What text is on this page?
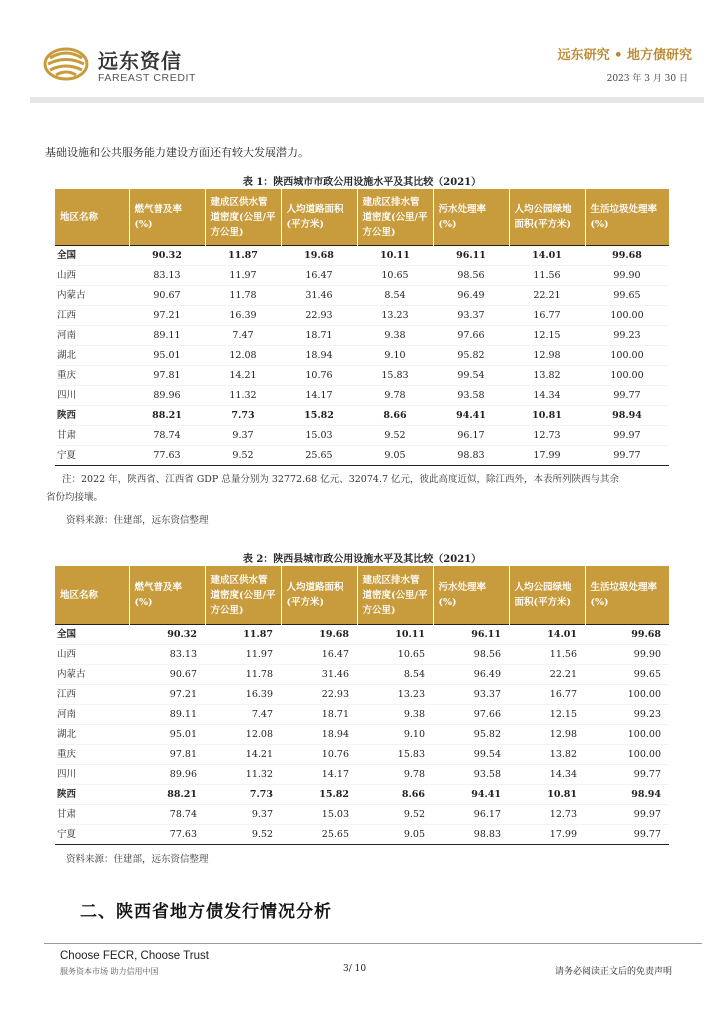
远东资信
FAREAST CREDIT
远东研究 • 地方债研究
2023 年 3 月 30 日
基础设施和公共服务能力建设方面还有较大发展潜力。
表 1：陕西城市市政公用设施水平及其比较（2021）
地区名称	燃气普及率(%)	建成区供水管道密度(公里/平方公里)	人均道路面积(平方米)	建成区排水管道密度(公里/平方公里)	污水处理率(%)	人均公园绿地面积(平方米)	生活垃圾处理率(%)
全国	90.32	11.87	19.68	10.11	96.11	14.01	99.68
山西	83.13	11.97	16.47	10.65	98.56	11.56	99.90
内蒙古	90.67	11.78	31.46	8.54	96.49	22.21	99.65
江西	97.21	16.39	22.93	13.23	93.37	16.77	100.00
河南	89.11	7.47	18.71	9.38	97.66	12.15	99.23
湖北	95.01	12.08	18.94	9.10	95.82	12.98	100.00
重庆	97.81	14.21	10.76	15.83	99.54	13.82	100.00
四川	89.96	11.32	14.17	9.78	93.58	14.34	99.77
陕西	88.21	7.73	15.82	8.66	94.41	10.81	98.94
甘肃	78.74	9.37	15.03	9.52	96.17	12.73	99.97
宁夏	77.63	9.52	25.65	9.05	98.83	17.99	99.77
注：2022 年，陕西省、江西省 GDP 总量分别为 32772.68 亿元、32074.7 亿元，彼此高度近似，除江西外，本表所列陕西与其余
省份均接壤。
资料来源：住建部，远东资信整理
表 2：陕西县城市政公用设施水平及其比较（2021）
地区名称	燃气普及率(%)	建成区供水管道密度(公里/平方公里)	人均道路面积(平方米)	建成区排水管道密度(公里/平方公里)	污水处理率(%)	人均公园绿地面积(平方米)	生活垃圾处理率(%)
全国	90.32	11.87	19.68	10.11	96.11	14.01	99.68
山西	83.13	11.97	16.47	10.65	98.56	11.56	99.90
内蒙古	90.67	11.78	31.46	8.54	96.49	22.21	99.65
江西	97.21	16.39	22.93	13.23	93.37	16.77	100.00
河南	89.11	7.47	18.71	9.38	97.66	12.15	99.23
湖北	95.01	12.08	18.94	9.10	95.82	12.98	100.00
重庆	97.81	14.21	10.76	15.83	99.54	13.82	100.00
四川	89.96	11.32	14.17	9.78	93.58	14.34	99.77
陕西	88.21	7.73	15.82	8.66	94.41	10.81	98.94
甘肃	78.74	9.37	15.03	9.52	96.17	12.73	99.97
宁夏	77.63	9.52	25.65	9.05	98.83	17.99	99.77
资料来源：住建部，远东资信整理
二、陕西省地方债发行情况分析
Choose FECR, Choose Trust
服务资本市场 助力信用中国	3/ 10	请务必阅读正文后的免责声明
